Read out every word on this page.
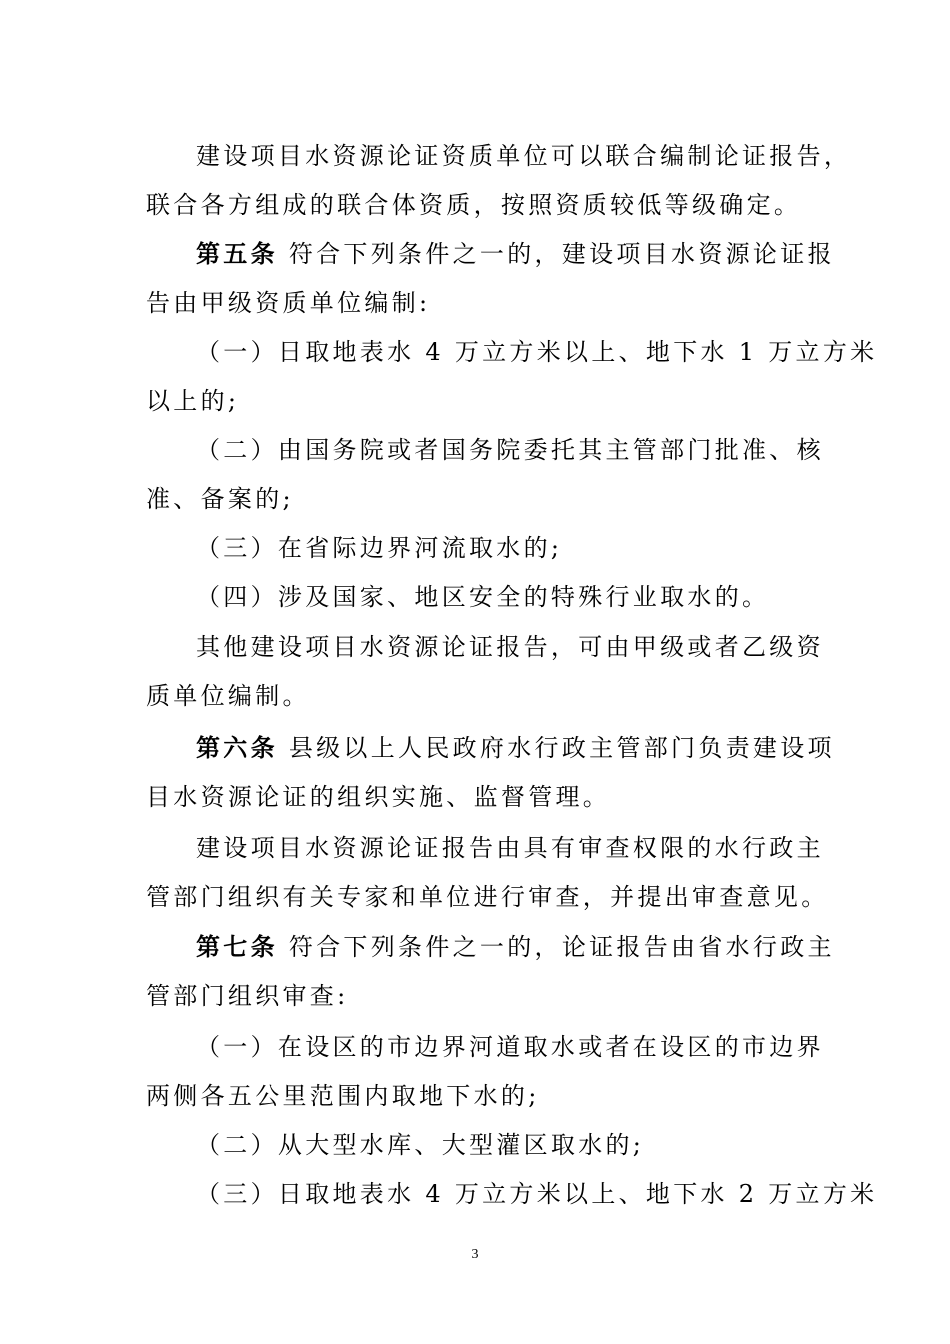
建设项目水资源论证资质单位可以联合编制论证报告，
联合各方组成的联合体资质，按照资质较低等级确定。
第五条 符合下列条件之一的，建设项目水资源论证报
告由甲级资质单位编制:
（一）日取地表水 4 万立方米以上、地下水 1 万立方米
以上的;
（二）由国务院或者国务院委托其主管部门批准、核
准、备案的;
（三）在省际边界河流取水的;
（四）涉及国家、地区安全的特殊行业取水的。
其他建设项目水资源论证报告，可由甲级或者乙级资
质单位编制。
第六条 县级以上人民政府水行政主管部门负责建设项
目水资源论证的组织实施、监督管理。
建设项目水资源论证报告由具有审查权限的水行政主
管部门组织有关专家和单位进行审查，并提出审查意见。
第七条 符合下列条件之一的，论证报告由省水行政主
管部门组织审查:
（一）在设区的市边界河道取水或者在设区的市边界
两侧各五公里范围内取地下水的;
（二）从大型水库、大型灌区取水的;
（三）日取地表水 4 万立方米以上、地下水 2 万立方米
3
